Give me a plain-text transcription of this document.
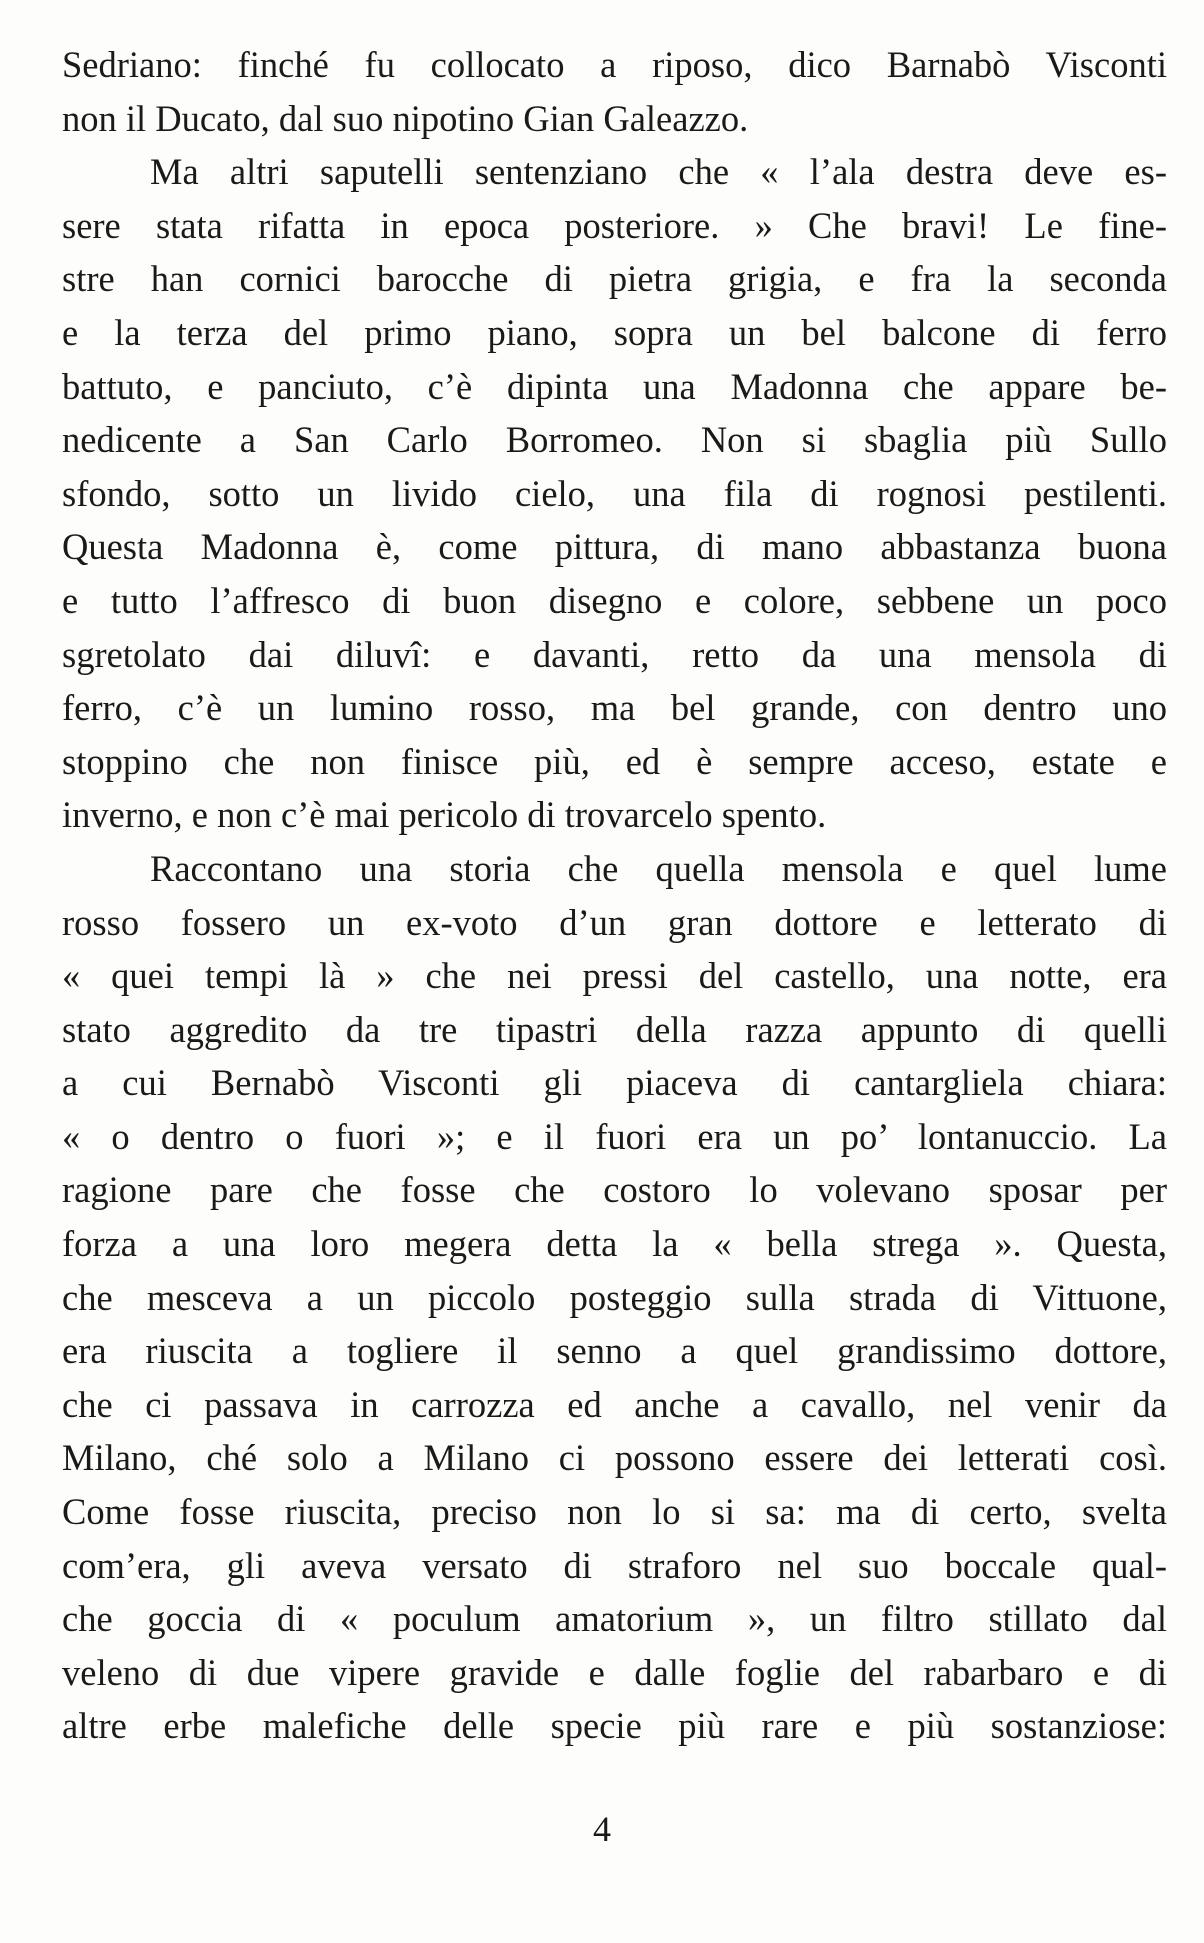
Sedriano: finché fu collocato a riposo, dico Barnabò Visconti
non il Ducato, dal suo nipotino Gian Galeazzo.
Ma altri saputelli sentenziano che « l’ala destra deve es-
sere stata rifatta in epoca posteriore. » Che bravi! Le fine-
stre han cornici barocche di pietra grigia, e fra la seconda
e la terza del primo piano, sopra un bel balcone di ferro
battuto, e panciuto, c’è dipinta una Madonna che appare be-
nedicente a San Carlo Borromeo. Non si sbaglia più Sullo
sfondo, sotto un livido cielo, una fila di rognosi pestilenti.
Questa Madonna è, come pittura, di mano abbastanza buona
e tutto l’affresco di buon disegno e colore, sebbene un poco
sgretolato dai diluvî: e davanti, retto da una mensola di
ferro, c’è un lumino rosso, ma bel grande, con dentro uno
stoppino che non finisce più, ed è sempre acceso, estate e
inverno, e non c’è mai pericolo di trovarcelo spento.
Raccontano una storia che quella mensola e quel lume
rosso fossero un ex-voto d’un gran dottore e letterato di
« quei tempi là » che nei pressi del castello, una notte, era
stato aggredito da tre tipastri della razza appunto di quelli
a cui Bernabò Visconti gli piaceva di cantargliela chiara:
« o dentro o fuori »; e il fuori era un po’ lontanuccio. La
ragione pare che fosse che costoro lo volevano sposar per
forza a una loro megera detta la « bella strega ». Questa,
che mesceva a un piccolo posteggio sulla strada di Vittuone,
era riuscita a togliere il senno a quel grandissimo dottore,
che ci passava in carrozza ed anche a cavallo, nel venir da
Milano, ché solo a Milano ci possono essere dei letterati così.
Come fosse riuscita, preciso non lo si sa: ma di certo, svelta
com’era, gli aveva versato di straforo nel suo boccale qual-
che goccia di « poculum amatorium », un filtro stillato dal
veleno di due vipere gravide e dalle foglie del rabarbaro e di
altre erbe malefiche delle specie più rare e più sostanziose:
4
